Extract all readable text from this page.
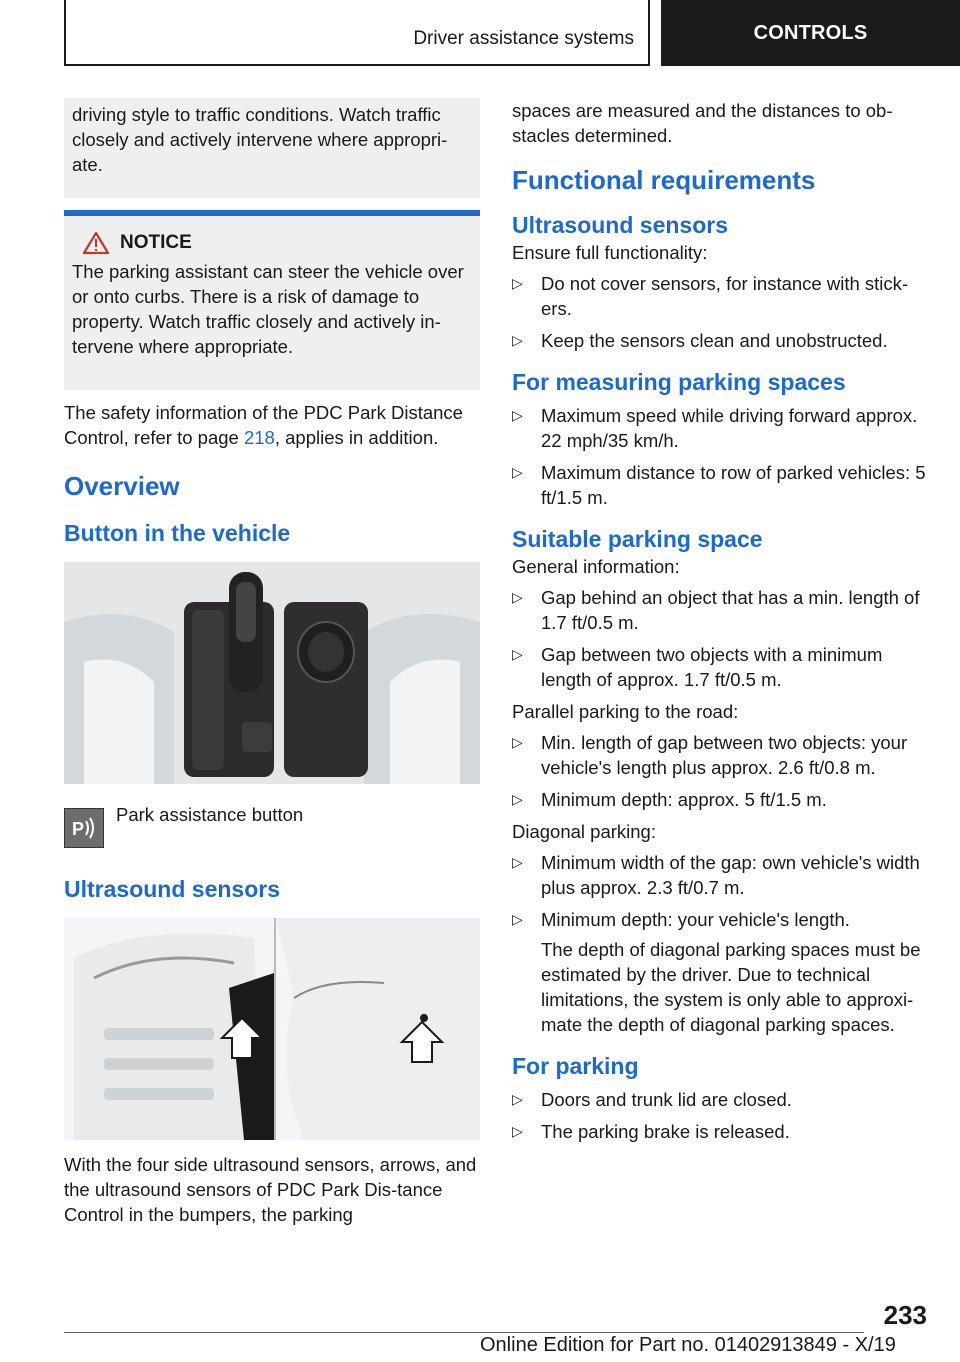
Driver assistance systems	CONTROLS
driving style to traffic conditions. Watch traffic closely and actively intervene where appropri-ate.
NOTICE
The parking assistant can steer the vehicle over or onto curbs. There is a risk of damage to property. Watch traffic closely and actively in-tervene where appropriate.

The safety information of the PDC Park Distance Control, refer to page 218, applies in addition.

Overview
Button in the vehicle
P
Park assistance button
Ultrasound sensors

With the four side ultrasound sensors, arrows, and the ultrasound sensors of PDC Park Dis-tance Control in the bumpers, the parking

spaces are measured and the distances to ob-stacles determined.

Functional requirements
Ultrasound sensors

Ensure full functionality:

▷ Do not cover sensors, for instance with stick-ers.
▷ Keep the sensors clean and unobstructed.
For measuring parking spaces
▷ Maximum speed while driving forward approx. 22 mph/35 km/h.
▷ Maximum distance to row of parked vehicles: 5 ft/1.5 m.
Suitable parking space

General information:

▷ Gap behind an object that has a min. length of 1.7 ft/0.5 m.
▷ Gap between two objects with a minimum length of approx. 1.7 ft/0.5 m.

Parallel parking to the road:

▷ Min. length of gap between two objects: your vehicle's length plus approx. 2.6 ft/0.8 m.
▷ Minimum depth: approx. 5 ft/1.5 m.

Diagonal parking:

▷ Minimum width of the gap: own vehicle's width plus approx. 2.3 ft/0.7 m.
▷ Minimum depth: your vehicle's length.

The depth of diagonal parking spaces must be estimated by the driver. Due to technical limitations, the system is only able to approxi-mate the depth of diagonal parking spaces.

For parking
▷ Doors and trunk lid are closed.
▷ The parking brake is released.
233
Online Edition for Part no. 01402913849 - X/19
